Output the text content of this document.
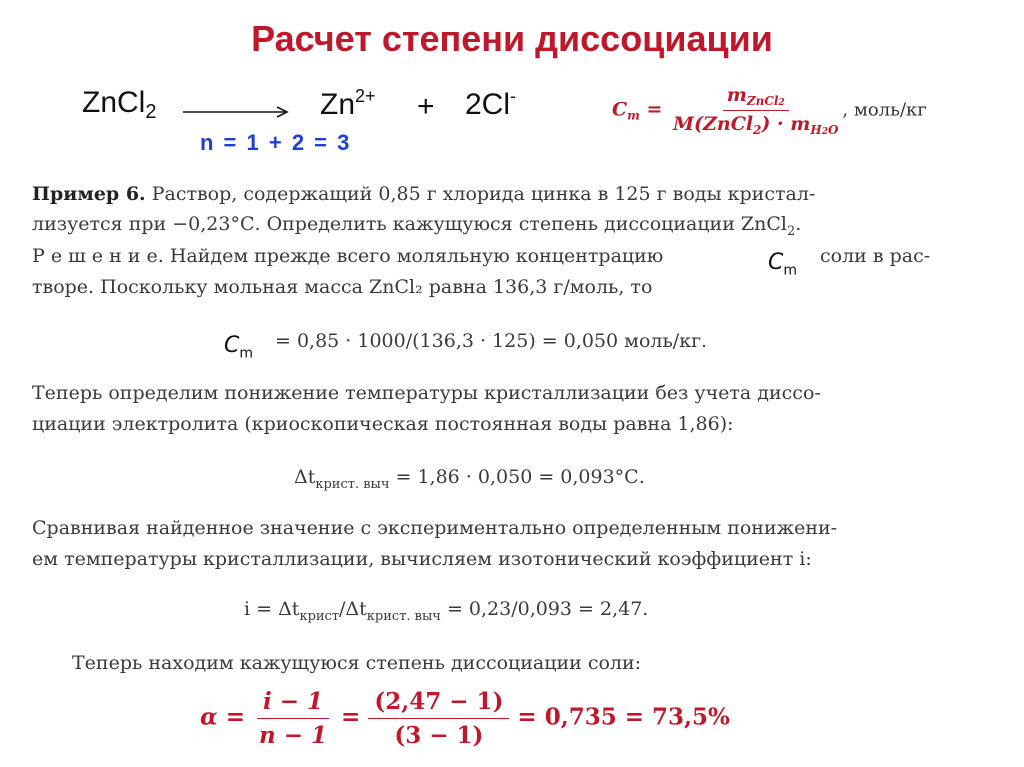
Расчет степени диссоциации
ZnCl$_2$	$Zn^{2+} + 2Cl^-$
n = 1 + 2 = 3
$C_m = \frac{m_{ZnCl2}}{M(ZnCl_2) \cdot m_{H2O}}$ , моль/кг
Пример 6. Раствор, содержащий 0,85 г хлорида цинка в 125 г воды кристал-
лизуется при −0,23°С. Определить кажущуюся степень диссоциации ZnCl$_2$.
Р е ш е н и е. Найдем прежде всего моляльную концентрацию	$C_m$
соли в рас-
творе. Поскольку мольная масса ZnCl₂ равна 136,3 г/моль, то
$C_m$
= 0,85 · 1000/(136,3 · 125) = 0,050 моль/кг.
Теперь определим понижение температуры кристаллизации без учета диссо-
циации электролита (криоскопическая постоянная воды равна 1,86):
$\Delta t_{крист. выч} = 1,86 \cdot 0,050 = 0,093^\circ С$.
Сравнивая найденное значение с экспериментально определенным понижени-
ем температуры кристаллизации, вычисляем изотонический коэффициент i:
$i = \Delta t_{крист}/\Delta t_{крист. выч} = 0,23/0,093 = 2,47$.
Теперь находим кажущуюся степень диссоциации соли:
$\alpha = \frac{i - 1}{n - 1} = \frac{(2,47 - 1)}{(3 - 1)} = 0,735 = 73,5\%$
